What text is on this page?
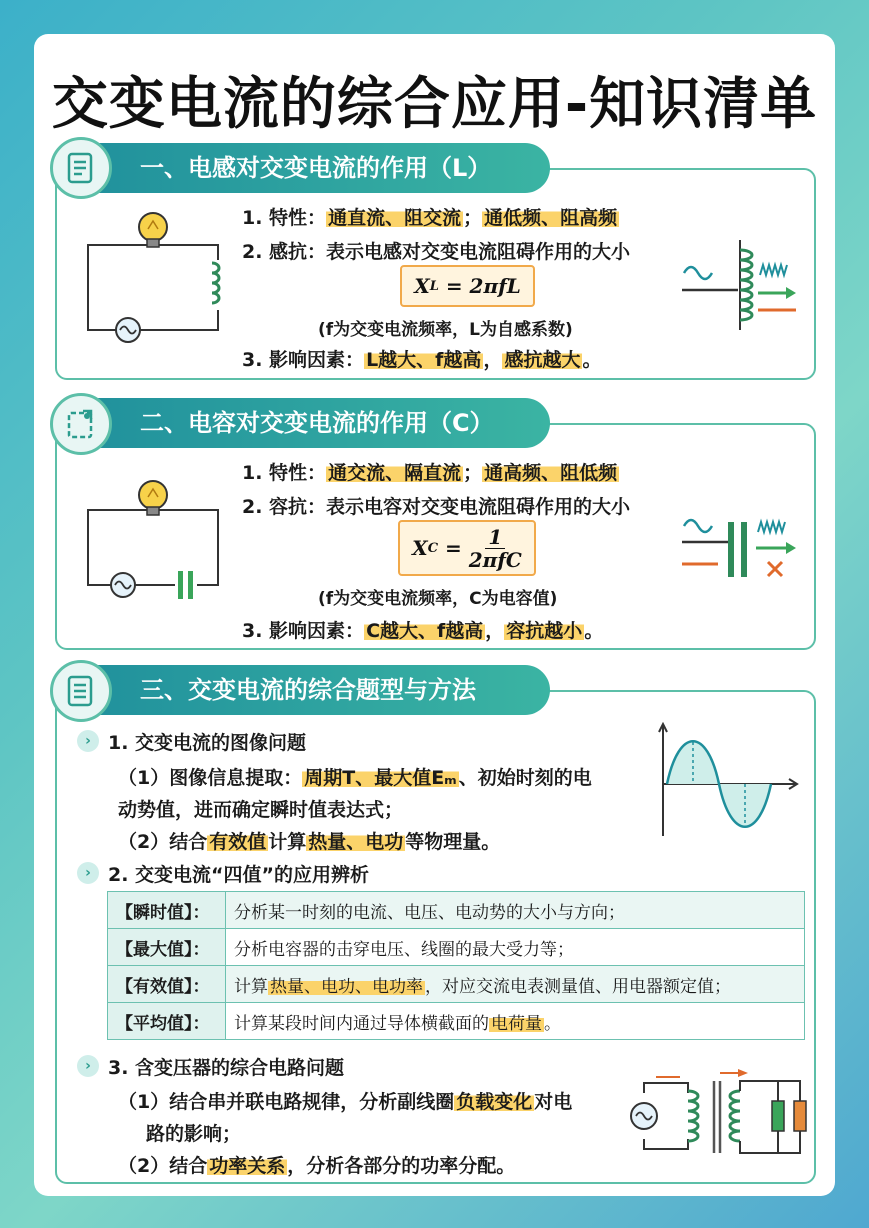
交变电流的综合应用-知识清单
一、电感对交变电流的作用（L）
1. 特性： 通直流、阻交流 ； 通低频、阻高频
2. 感抗：表示电感对交变电流阻碍作用的大小
X L = 2πfL
(f为交变电流频率，L为自感系数)
3. 影响因素： L越大、f越高 ， 感抗越大 。
二、电容对交变电流的作用（C）
1. 特性： 通交流、隔直流 ； 通高频、阻低频
2. 容抗：表示电容对交变电流阻碍作用的大小
X C = 1
2πfC
(f为交变电流频率，C为电容值)
3. 影响因素： C越大、f越高 ， 容抗越小 。
三、交变电流的综合题型与方法
› 1. 交变电流的图像问题
（1）图像信息提取： 周期T、最大值Eₘ 、初始时刻的电
动势值，进而确定瞬时值表达式；
（2）结合 有效值 计算 热量、电功 等物理量。
› 2. 交变电流“四值”的应用辨析
【瞬时值】：	分析某一时刻的电流、电压、电动势的大小与方向；
【最大值】：	分析电容器的击穿电压、线圈的最大受力等；
【有效值】：	计算 热量、电功、电功率 ，对应交流电表测量值、用电器额定值；
【平均值】：	计算某段时间内通过导体横截面的 电荷量 。
› 3. 含变压器的综合电路问题
（1）结合串并联电路规律，分析副线圈 负载变化 对电
路的影响；
（2）结合 功率关系 ，分析各部分的功率分配。
